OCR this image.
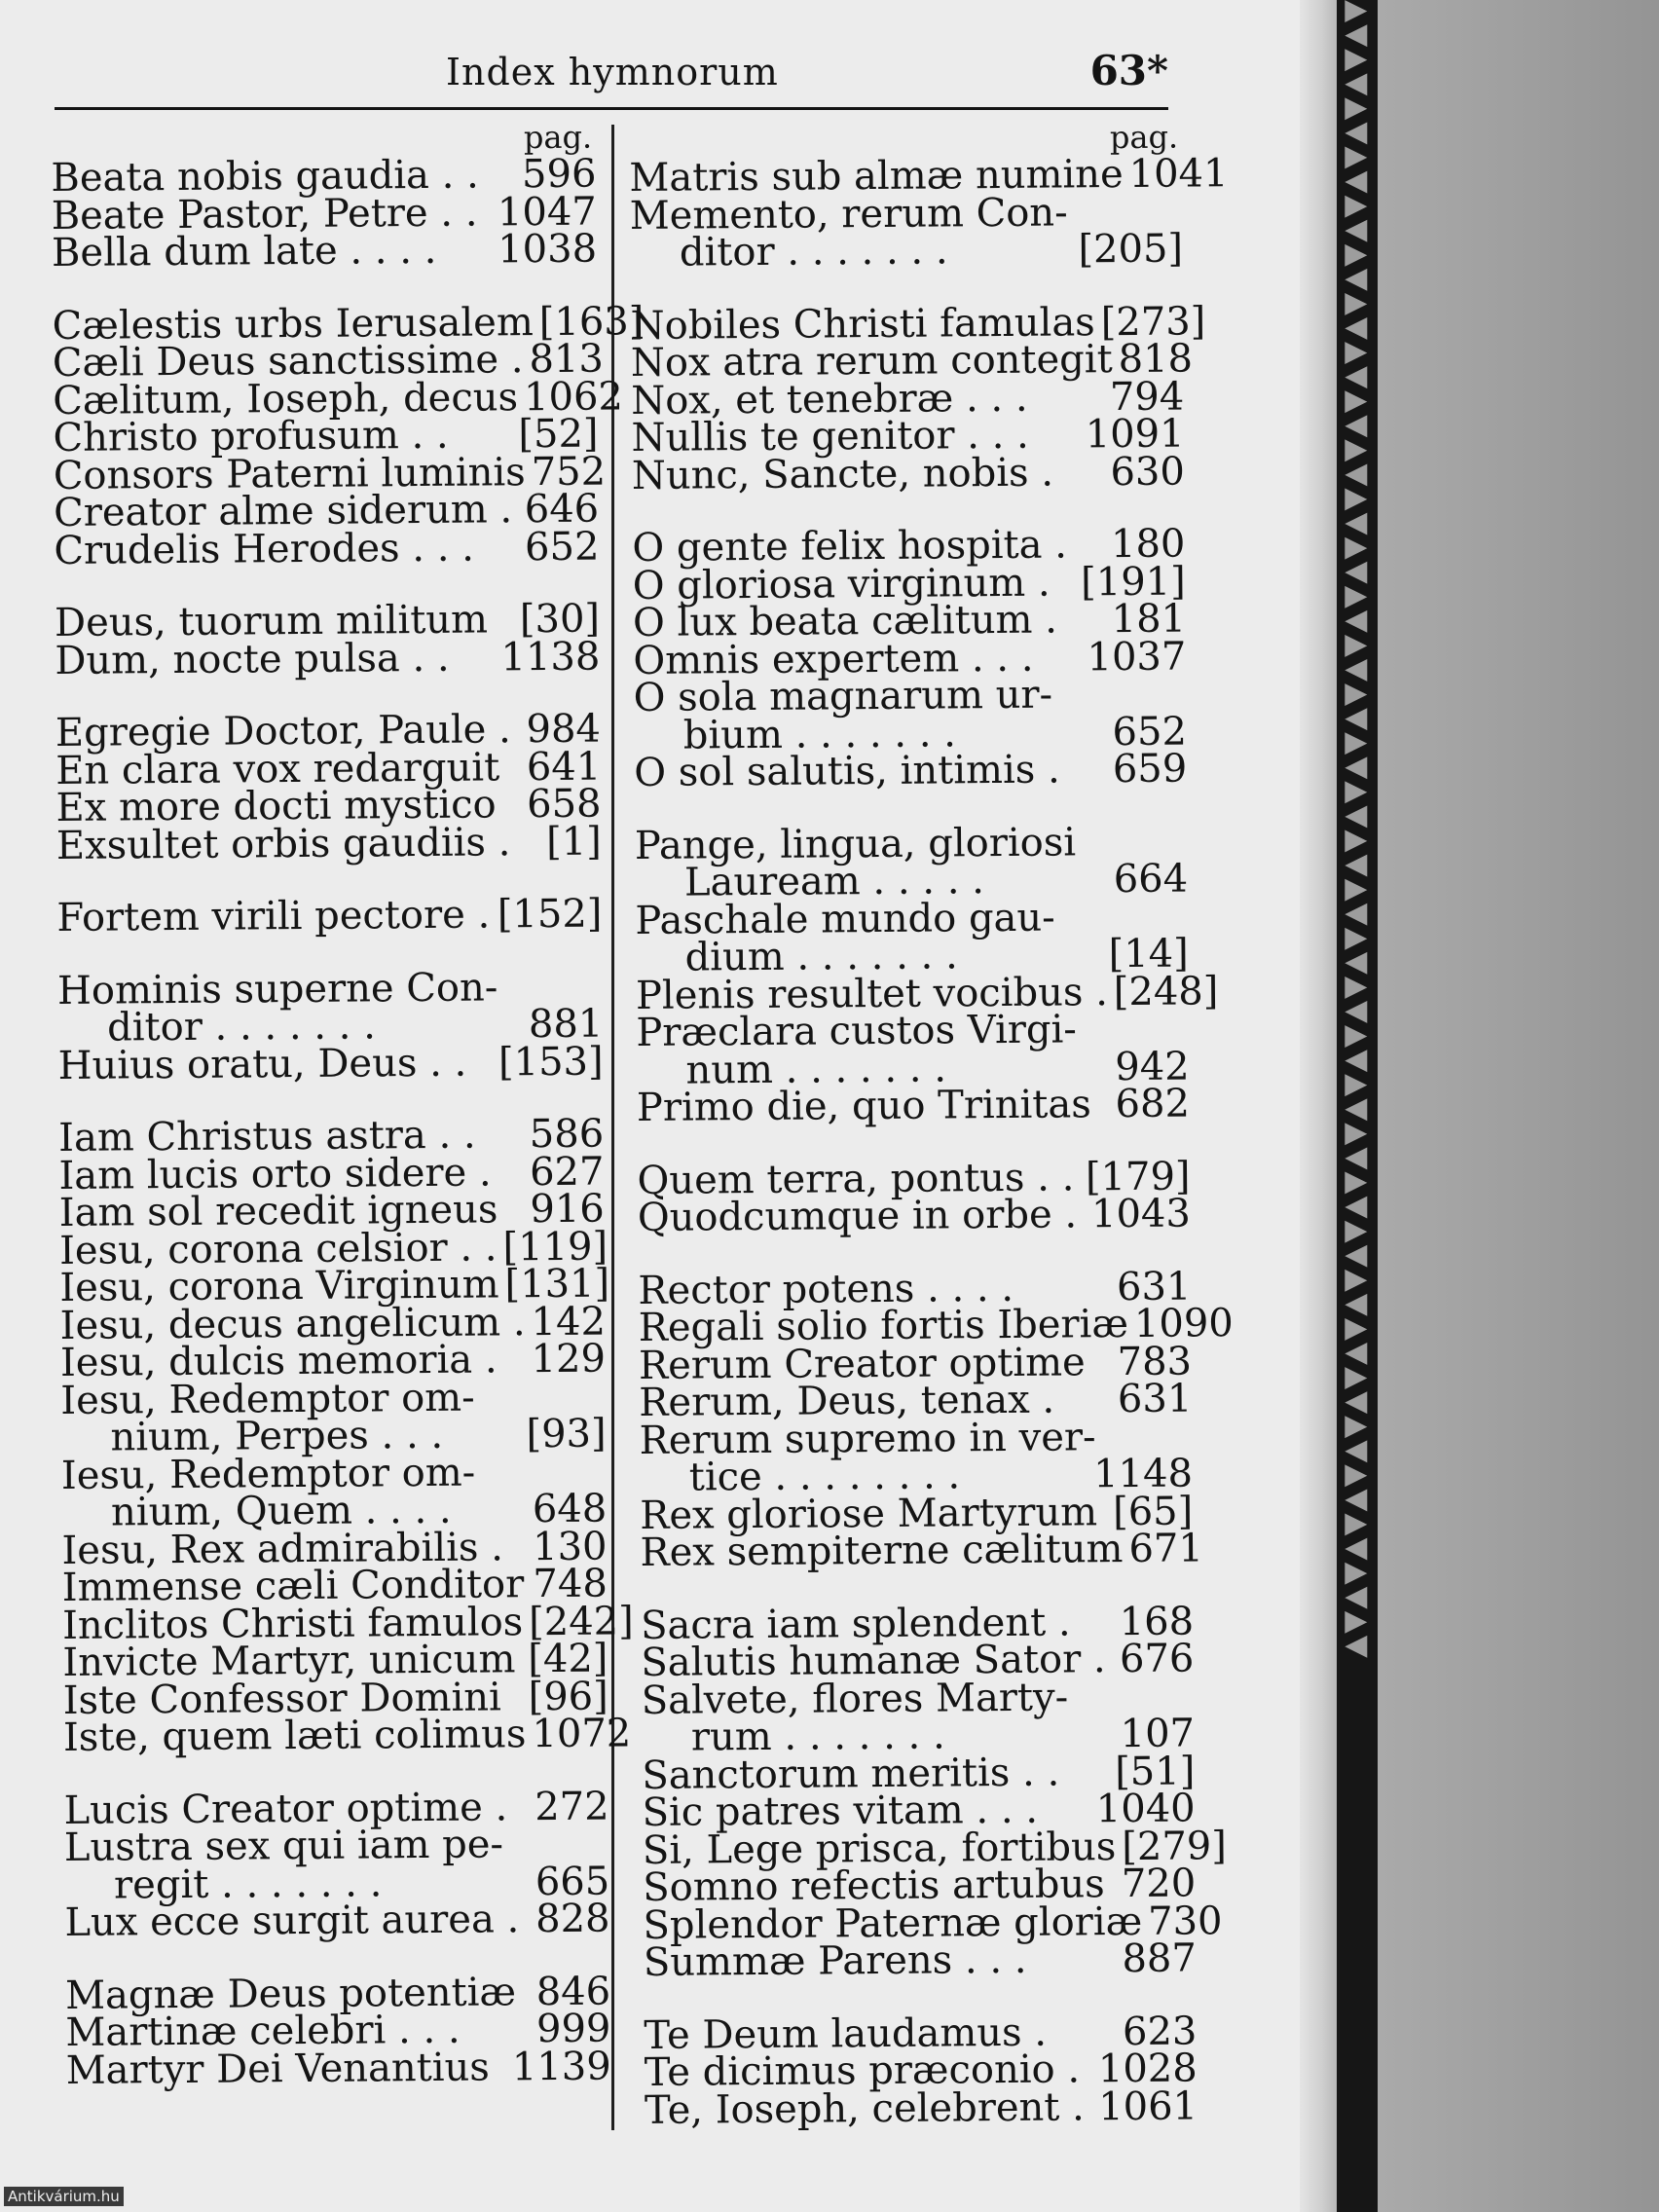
Index hymnorum	63*
pag.
Beata nobis gaudia . .	596
Beate Pastor, Petre . . 1047
Bella dum late . . . .	1038
Cælestis urbs Ierusalem [163]
Cæli Deus sanctissime . 813
Cælitum, Ioseph, decus 1062
Christo profusum . .	[52]
Consors Paterni luminis 752
Creator alme siderum . 646
Crudelis Herodes . . .	652
Deus, tuorum militum [30]
Dum, nocte pulsa . .	1138
Egregie Doctor, Paule . 984
En clara vox redarguit 641
Ex more docti mystico 658
Exsultet orbis gaudiis . [1]
Fortem virili pectore . [152]
Hominis superne Con-
ditor . . . . . . .	881
Huius oratu, Deus . . [153]
Iam Christus astra . .	586
Iam lucis orto sidere . 627
Iam sol recedit igneus 916
Iesu, corona celsior . . [119]
Iesu, corona Virginum [131]
Iesu, decus angelicum . 142
Iesu, dulcis memoria . 129
Iesu, Redemptor om-
nium, Perpes . . .	[93]
Iesu, Redemptor om-
nium, Quem . . . .	648
Iesu, Rex admirabilis . 130
Immense cæli Conditor 748
Inclitos Christi famulos [242]
Invicte Martyr, unicum [42]
Iste Confessor Domini [96]
Iste, quem læti colimus 1072
Lucis Creator optime . 272
Lustra sex qui iam pe-
regit . . . . . . .	665
Lux ecce surgit aurea . 828
Magnæ Deus potentiæ 846
Martinæ celebri . . .	999
Martyr Dei Venantius 1139
pag.
Matris sub almæ numine 1041
Memento, rerum Con-
ditor . . . . . . .	[205]
Nobiles Christi famulas [273]
Nox atra rerum contegit 818
Nox, et tenebræ . . .	794
Nullis te genitor . . .	1091
Nunc, Sancte, nobis .	630
O gente felix hospita .	180
O gloriosa virginum . [191]
O lux beata cælitum .	181
Omnis expertem . . .	1037
O sola magnarum ur-
bium . . . . . . .	652
O sol salutis, intimis .	659
Pange, lingua, gloriosi
Lauream . . . . .	664
Paschale mundo gau-
dium . . . . . . .	[14]
Plenis resultet vocibus . [248]
Præclara custos Virgi-
num . . . . . . .	942
Primo die, quo Trinitas 682
Quem terra, pontus . . [179]
Quodcumque in orbe . 1043
Rector potens . . . .	631
Regali solio fortis Iberiæ 1090
Rerum Creator optime 783
Rerum, Deus, tenax .	631
Rerum supremo in ver-
tice . . . . . . . .	1148
Rex gloriose Martyrum [65]
Rex sempiterne cælitum 671
Sacra iam splendent .	168
Salutis humanæ Sator . 676
Salvete, flores Marty-
rum . . . . . . .	107
Sanctorum meritis . .	[51]
Sic patres vitam . . .	1040
Si, Lege prisca, fortibus [279]
Somno refectis artubus 720
Splendor Paternæ gloriæ 730
Summæ Parens . . .	887
Te Deum laudamus .	623
Te dicimus præconio . 1028
Te, Ioseph, celebrent . 1061
▲▼▲▼▲▼▲▼▲▼▲▼▲▼▲▼▲▼▲▼▲▼▲▼▲▼▲▼▲▼▲▼▲▼▲▼▲▼▲▼▲▼▲▼▲▼▲▼▲▼▲▼▲▼▲▼▲▼▲▼▲▼▲▼▲▼▲▼
Antikvárium.hu
